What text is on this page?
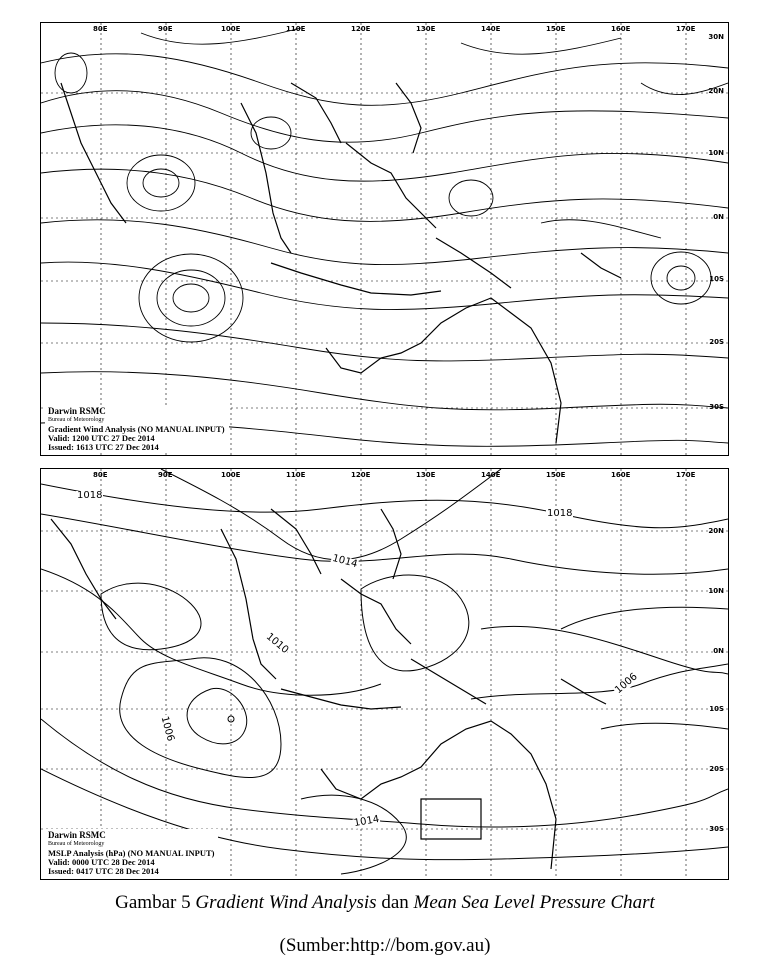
80E	90E	100E	110E	120E	130E	140E	150E	160E	170E
30N
20N
10N
0N
10S
20S
30S
Darwin RSMC
Bureau of Meteorology
Gradient Wind Analysis (NO MANUAL INPUT)
Valid: 1200 UTC 27 Dec 2014
Issued: 1613 UTC 27 Dec 2014
80E	90E	100E	110E	120E	130E	140E	150E	160E	170E
20N
10N
0N
10S
20S
30S
1018
1018
1014
1010
1006
1006
1014
Darwin RSMC
Bureau of Meteorology
MSLP Analysis (hPa) (NO MANUAL INPUT)
Valid: 0000 UTC 28 Dec 2014
Issued: 0417 UTC 28 Dec 2014
Gambar 5 Gradient Wind Analysis dan Mean Sea Level Pressure Chart
(Sumber:http://bom.gov.au)
